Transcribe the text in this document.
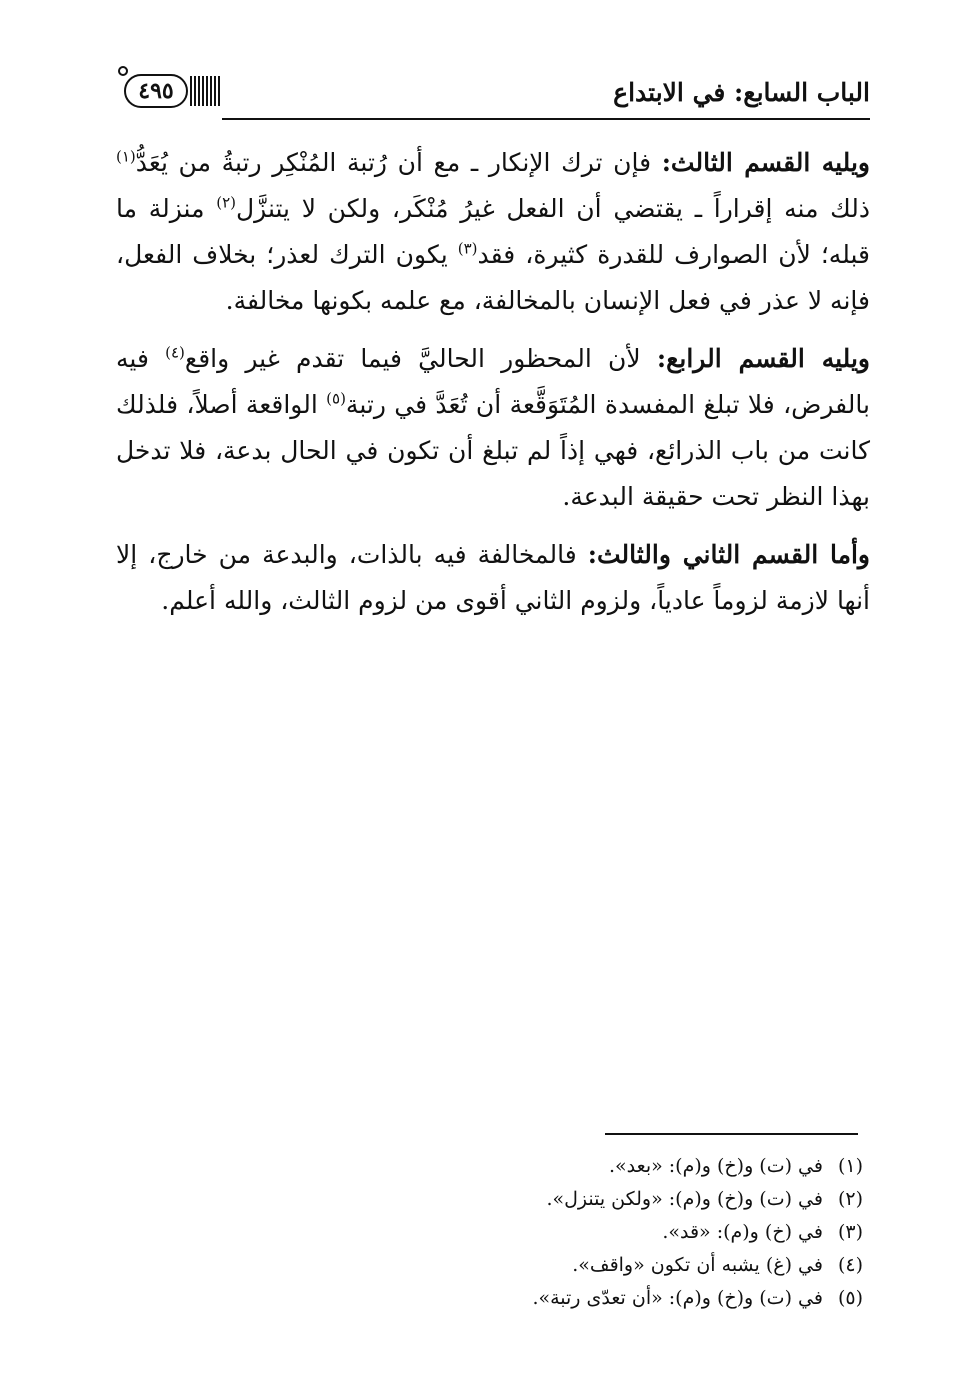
الباب السابع: في الابتداع
٤٩٥

ويليه القسم الثالث: فإن ترك الإنكار ـ مع أن رُتبة المُنْكِر رتبةُ من يُعَدُّ$^{(١)}$ ذلك منه إقراراً ـ يقتضي أن الفعل غيرُ مُنْكَر، ولكن لا يتنزَّل$^{(٢)}$ منزلة ما قبله؛ لأن الصوارف للقدرة كثيرة، فقد$^{(٣)}$ يكون الترك لعذر؛ بخلاف الفعل، فإنه لا عذر في فعل الإنسان بالمخالفة، مع علمه بكونها مخالفة.

ويليه القسم الرابع: لأن المحظور الحاليَّ فيما تقدم غير واقع$^{(٤)}$ فيه بالفرض، فلا تبلغ المفسدة المُتَوَقَّعة أن تُعَدَّ في رتبة$^{(٥)}$ الواقعة أصلاً، فلذلك كانت من باب الذرائع، فهي إذاً لم تبلغ أن تكون في الحال بدعة، فلا تدخل بهذا النظر تحت حقيقة البدعة.

وأما القسم الثاني والثالث: فالمخالفة فيه بالذات، والبدعة من خارج، إلا أنها لازمة لزوماً عادياً، ولزوم الثاني أقوى من لزوم الثالث، والله أعلم.

(١) في (ت) و(خ) و(م): «بعد».
(٢) في (ت) و(خ) و(م): «ولكن يتنزل».
(٣) في (خ) و(م): «قد».
(٤) في (غ) يشبه أن تكون «واقف».
(٥) في (ت) و(خ) و(م): «أن تعدّى رتبة».
